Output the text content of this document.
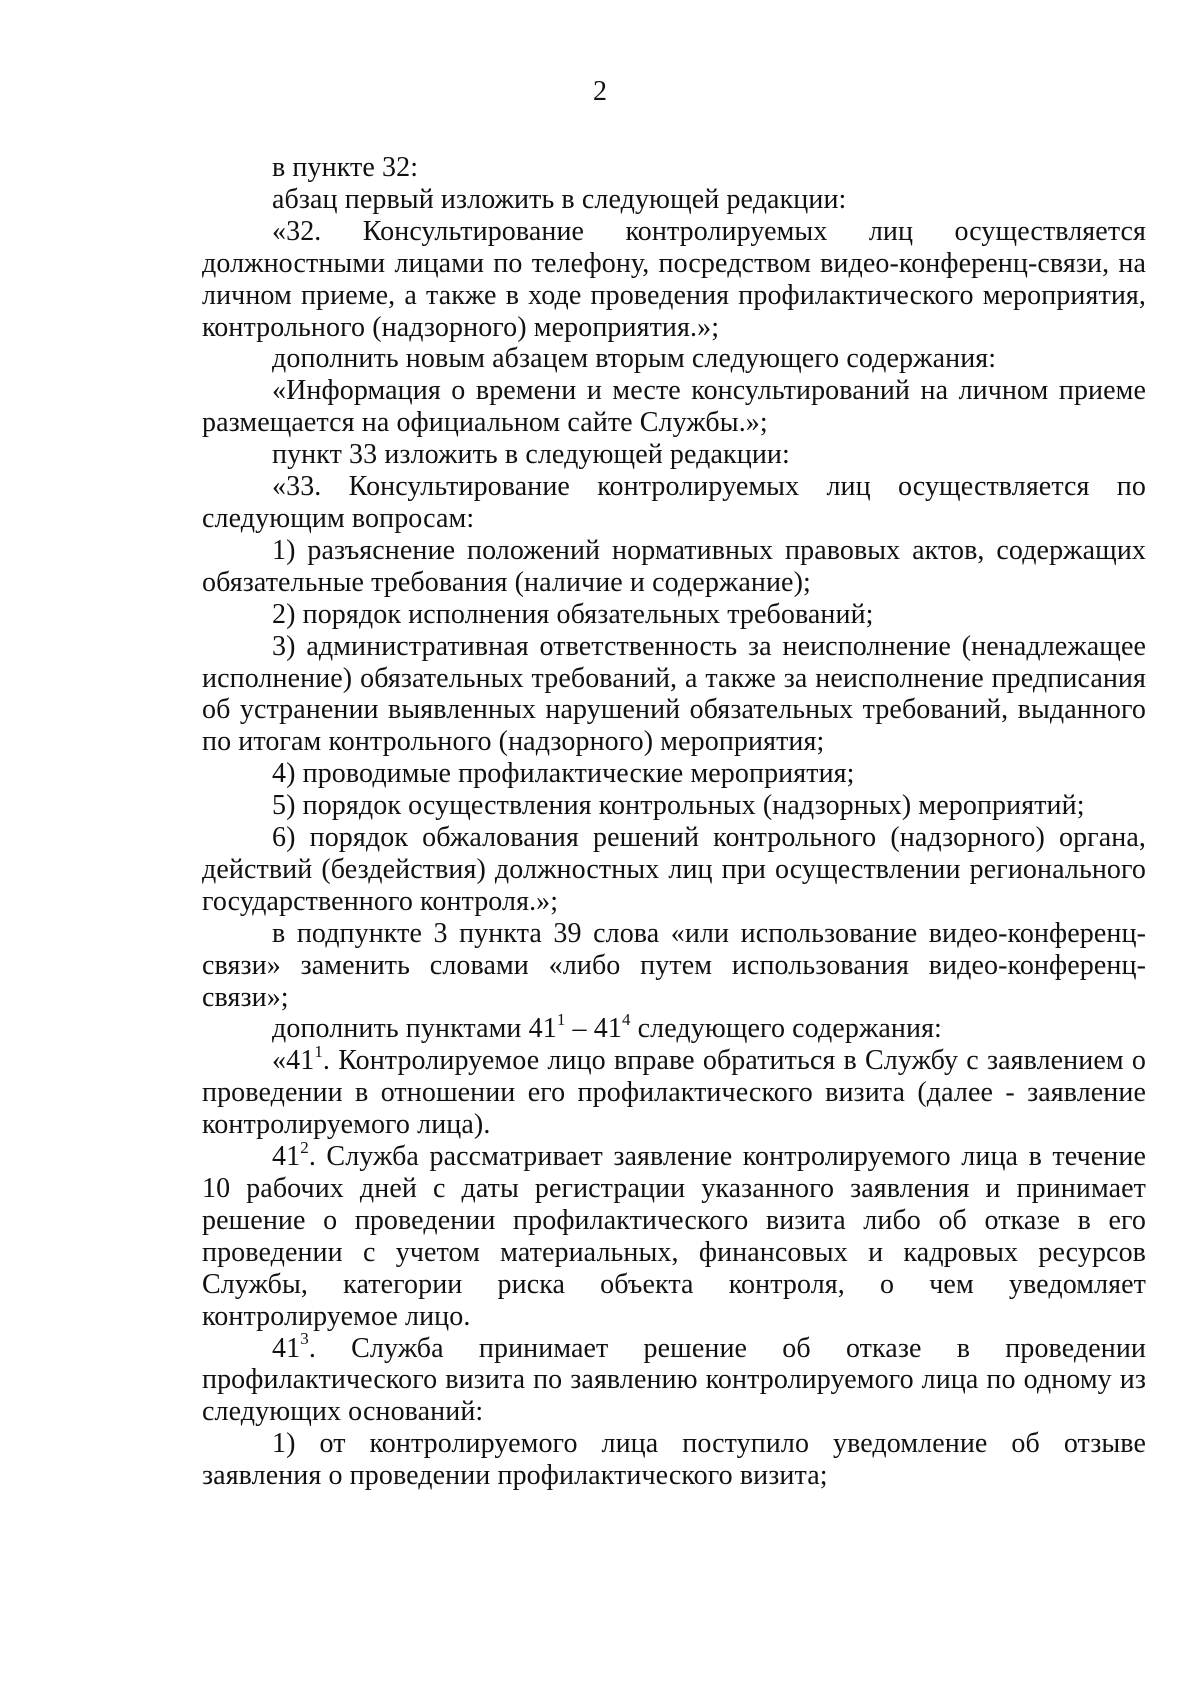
2

в пункте 32:

абзац первый изложить в следующей редакции:

«32. Консультирование контролируемых лиц осуществляется должностными лицами по телефону, посредством видео-конференц-связи, на личном приеме, а также в ходе проведения профилактического мероприятия, контрольного (надзорного) мероприятия.»;

дополнить новым абзацем вторым следующего содержания:

«Информация о времени и месте консультирований на личном приеме размещается на официальном сайте Службы.»;

пункт 33 изложить в следующей редакции:

«33. Консультирование контролируемых лиц осуществляется по следующим вопросам:

1) разъяснение положений нормативных правовых актов, содержащих обязательные требования (наличие и содержание);

2) порядок исполнения обязательных требований;

3) административная ответственность за неисполнение (ненадлежащее исполнение) обязательных требований, а также за неисполнение предписания об устранении выявленных нарушений обязательных требований, выданного по итогам контрольного (надзорного) мероприятия;

4) проводимые профилактические мероприятия;

5) порядок осуществления контрольных (надзорных) мероприятий;

6) порядок обжалования решений контрольного (надзорного) органа, действий (бездействия) должностных лиц при осуществлении регионального государственного контроля.»;

в подпункте 3 пункта 39 слова «или использование видео-конференц-связи» заменить словами «либо путем использования видео-конференц-связи»;

дополнить пунктами $41^1 - 41^4$ следующего содержания:

«$41^1$. Контролируемое лицо вправе обратиться в Службу с заявлением о проведении в отношении его профилактического визита (далее - заявление контролируемого лица).

$41^2$. Служба рассматривает заявление контролируемого лица в течение 10 рабочих дней с даты регистрации указанного заявления и принимает решение о проведении профилактического визита либо об отказе в его проведении с учетом материальных, финансовых и кадровых ресурсов Службы, категории риска объекта контроля, о чем уведомляет контролируемое лицо.

$41^3$. Служба принимает решение об отказе в проведении профилактического визита по заявлению контролируемого лица по одному из следующих оснований:

1) от контролируемого лица поступило уведомление об отзыве заявления о проведении профилактического визита;
